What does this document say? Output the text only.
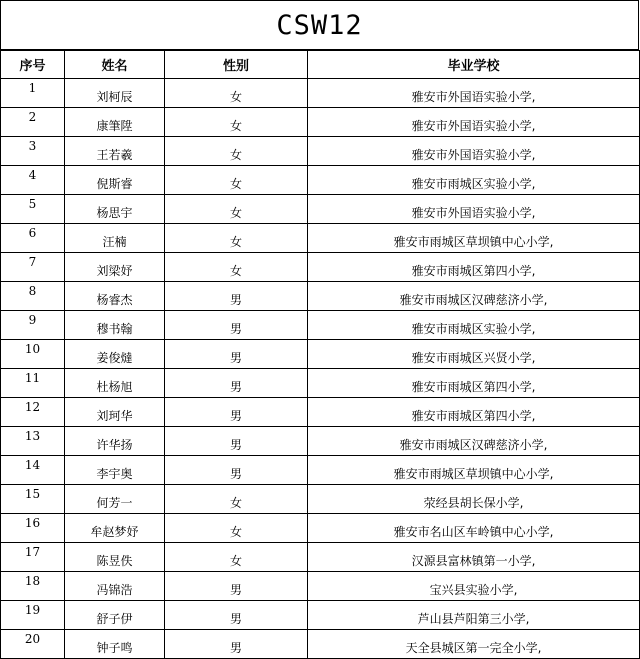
CSW12
序号	姓名	性别	毕业学校
1	刘柯辰	女	雅安市外国语实验小学,
2	康筆陞	女	雅安市外国语实验小学,
3	王若羲	女	雅安市外国语实验小学,
4	倪斯睿	女	雅安市雨城区实验小学,
5	杨思宇	女	雅安市外国语实验小学,
6	汪楠	女	雅安市雨城区草坝镇中心小学,
7	刘梁妤	女	雅安市雨城区第四小学,
8	杨睿杰	男	雅安市雨城区汉碑慈济小学,
9	穆书翰	男	雅安市雨城区实验小学,
10	姜俊燵	男	雅安市雨城区兴贤小学,
11	杜杨旭	男	雅安市雨城区第四小学,
12	刘珂华	男	雅安市雨城区第四小学,
13	许华扬	男	雅安市雨城区汉碑慈济小学,
14	李宇奥	男	雅安市雨城区草坝镇中心小学,
15	何芳一	女	荥经县胡长保小学,
16	牟赵梦妤	女	雅安市名山区车岭镇中心小学,
17	陈昱佚	女	汉源县富林镇第一小学,
18	冯锦浩	男	宝兴县实验小学,
19	舒子伊	男	芦山县芦阳第三小学,
20	钟子鸣	男	天全县城区第一完全小学,
